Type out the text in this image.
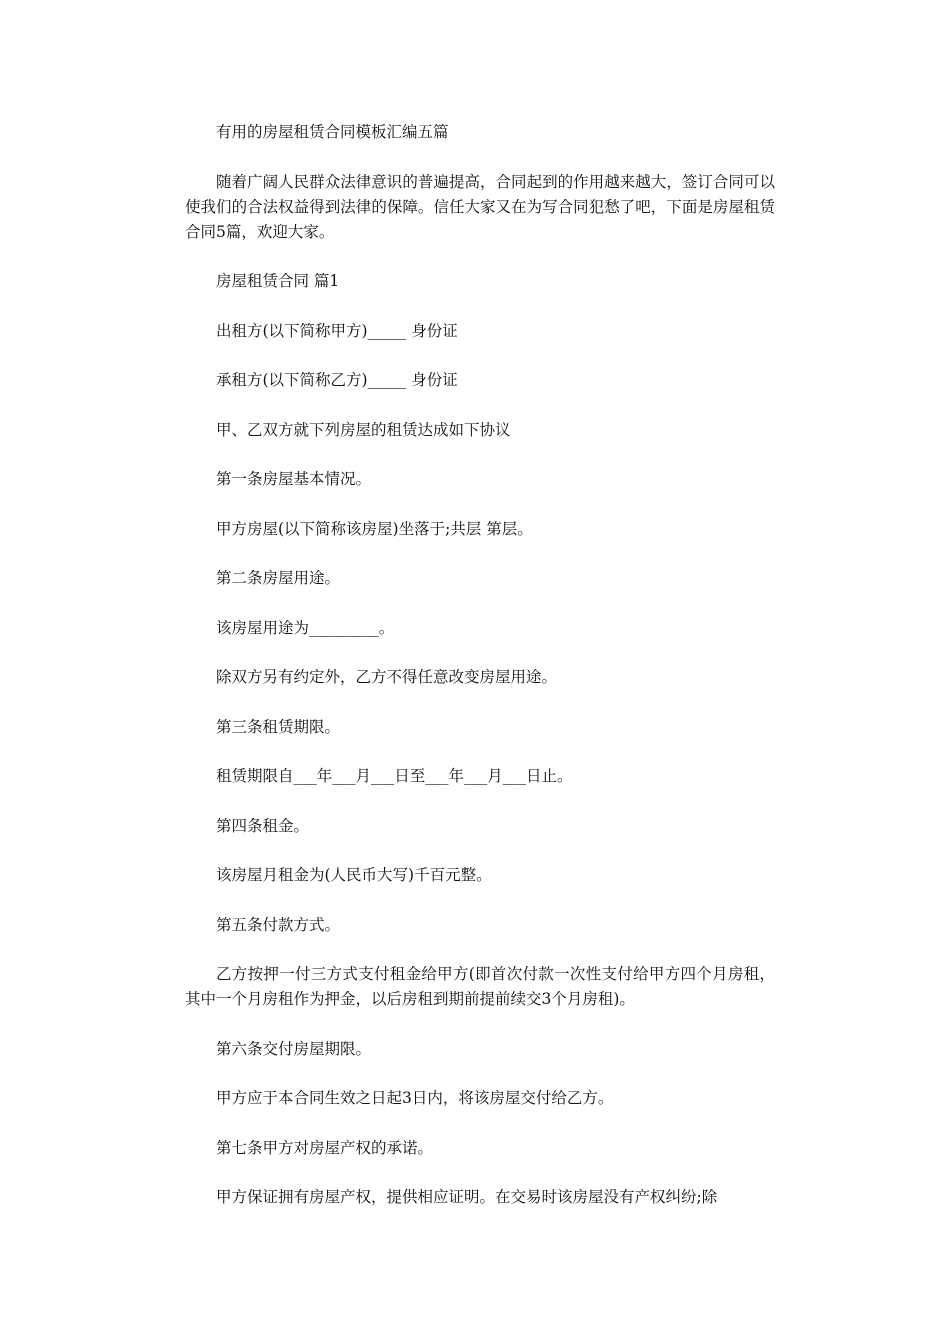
有用的房屋租赁合同模板汇编五篇

随着广阔人民群众法律意识的普遍提高，合同起到的作用越来越大，签订合同可以使我们的合法权益得到法律的保障。信任大家又在为写合同犯愁了吧，下面是房屋租赁合同5篇，欢迎大家。

房屋租赁合同 篇1

出租方(以下简称甲方)_____ 身份证

承租方(以下简称乙方)_____ 身份证

甲、乙双方就下列房屋的租赁达成如下协议

第一条房屋基本情况。

甲方房屋(以下简称该房屋)坐落于;共层 第层。

第二条房屋用途。

该房屋用途为_________。

除双方另有约定外，乙方不得任意改变房屋用途。

第三条租赁期限。

租赁期限自___年___月___日至___年___月___日止。

第四条租金。

该房屋月租金为(人民币大写)千百元整。

第五条付款方式。

乙方按押一付三方式支付租金给甲方(即首次付款一次性支付给甲方四个月房租，其中一个月房租作为押金，以后房租到期前提前续交3个月房租)。

第六条交付房屋期限。

甲方应于本合同生效之日起3日内，将该房屋交付给乙方。

第七条甲方对房屋产权的承诺。

甲方保证拥有房屋产权，提供相应证明。在交易时该房屋没有产权纠纷;除
